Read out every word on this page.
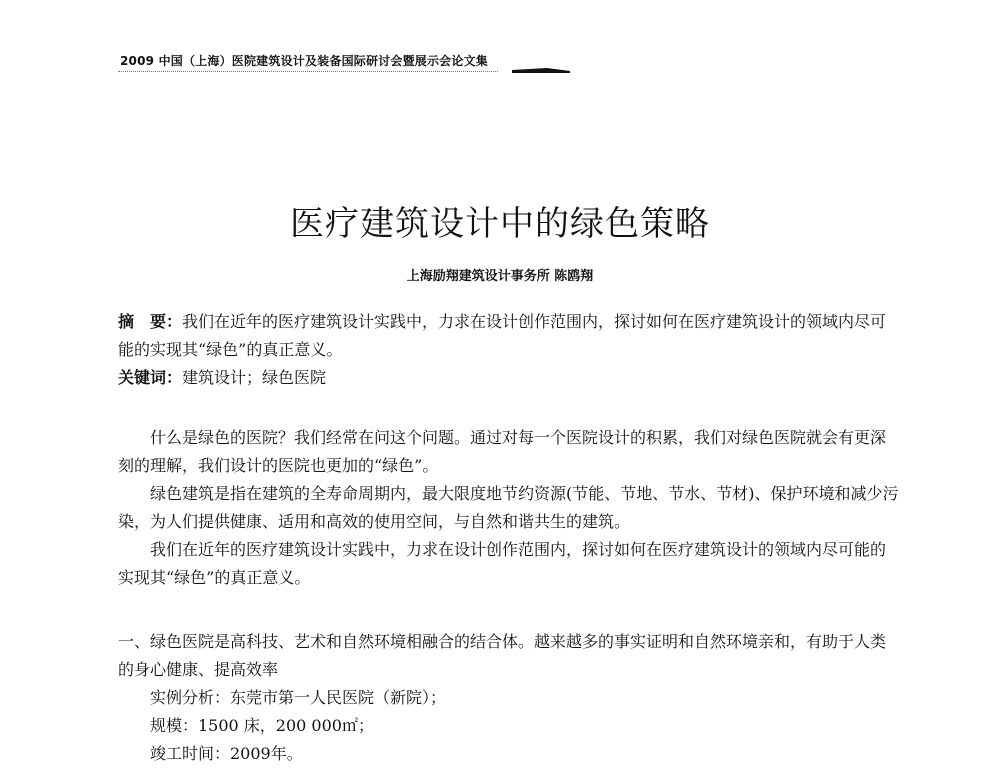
2009 中国（上海）医院建筑设计及装备国际研讨会暨展示会论文集
医疗建筑设计中的绿色策略
上海励翔建筑设计事务所 陈鸥翔

摘　要：我们在近年的医疗建筑设计实践中，力求在设计创作范围内，探讨如何在医疗建筑设计的领域内尽可能的实现其“绿色”的真正意义。

关键词：建筑设计；绿色医院

什么是绿色的医院？我们经常在问这个问题。通过对每一个医院设计的积累，我们对绿色医院就会有更深刻的理解，我们设计的医院也更加的“绿色”。

绿色建筑是指在建筑的全寿命周期内，最大限度地节约资源(节能、节地、节水、节材)、保护环境和减少污染，为人们提供健康、适用和高效的使用空间，与自然和谐共生的建筑。

我们在近年的医疗建筑设计实践中，力求在设计创作范围内，探讨如何在医疗建筑设计的领域内尽可能的实现其“绿色”的真正意义。

一、绿色医院是高科技、艺术和自然环境相融合的结合体。越来越多的事实证明和自然环境亲和，有助于人类的身心健康、提高效率

实例分析：东莞市第一人民医院（新院）；

规模：1500 床，200 000㎡；

竣工时间：2009年。
